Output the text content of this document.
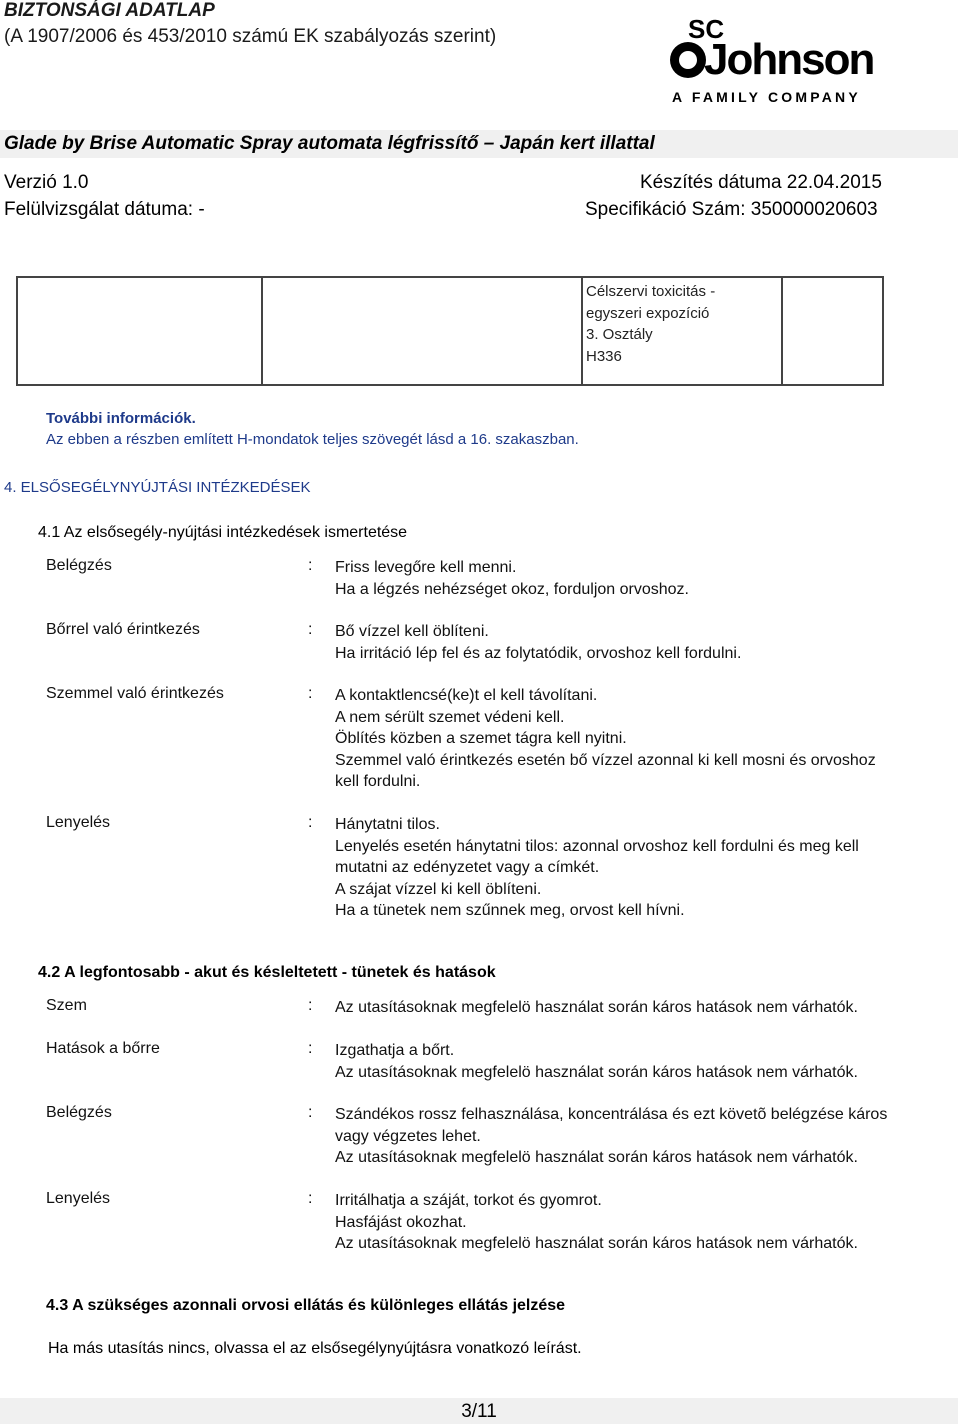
BIZTONSÁGI ADATLAP
(A 1907/2006 és 453/2010 számú EK szabályozás szerint)	SC
Johnson
A FAMILY COMPANY
Glade by Brise Automatic Spray automata légfrissítő – Japán kert illattal
Verzió 1.0	Készítés dátuma 22.04.2015
Felülvizsgálat dátuma: -	Specifikáció Szám: 350000020603

Célszervi toxicitás -
egyszeri expozíció
3. Osztály
H336

További információk.
Az ebben a részben említett H-mondatok teljes szövegét lásd a 16. szakaszban.
4. ELSŐSEGÉLYNYÚJTÁSI INTÉZKEDÉSEK
4.1 Az elsősegély-nyújtási intézkedések ismertetése
Belégzés	: Friss levegőre kell menni.
Ha a légzés nehézséget okoz, forduljon orvoshoz.
Bőrrel való érintkezés	: Bő vízzel kell öblíteni.
Ha irritáció lép fel és az folytatódik, orvoshoz kell fordulni.
Szemmel való érintkezés	: A kontaktlencsé(ke)t el kell távolítani.
A nem sérült szemet védeni kell.
Öblítés közben a szemet tágra kell nyitni.
Szemmel való érintkezés esetén bő vízzel azonnal ki kell mosni és orvoshoz
kell fordulni.
Lenyelés	: Hánytatni tilos.
Lenyelés esetén hánytatni tilos: azonnal orvoshoz kell fordulni és meg kell
mutatni az edényzetet vagy a címkét.
A szájat vízzel ki kell öblíteni.
Ha a tünetek nem szűnnek meg, orvost kell hívni.
4.2 A legfontosabb - akut és késleltetett - tünetek és hatások
Szem	: Az utasításoknak megfelelö használat során káros hatások nem várhatók.
Hatások a bőrre	: Izgathatja a bőrt.
Az utasításoknak megfelelö használat során káros hatások nem várhatók.
Belégzés	: Szándékos rossz felhasználása, koncentrálása és ezt követõ belégzése káros
vagy végzetes lehet.
Az utasításoknak megfelelö használat során káros hatások nem várhatók.
Lenyelés	: Irritálhatja a száját, torkot és gyomrot.
Hasfájást okozhat.
Az utasításoknak megfelelö használat során káros hatások nem várhatók.
4.3 A szükséges azonnali orvosi ellátás és különleges ellátás jelzése
Ha más utasítás nincs, olvassa el az elsősegélynyújtásra vonatkozó leírást.
3/11
